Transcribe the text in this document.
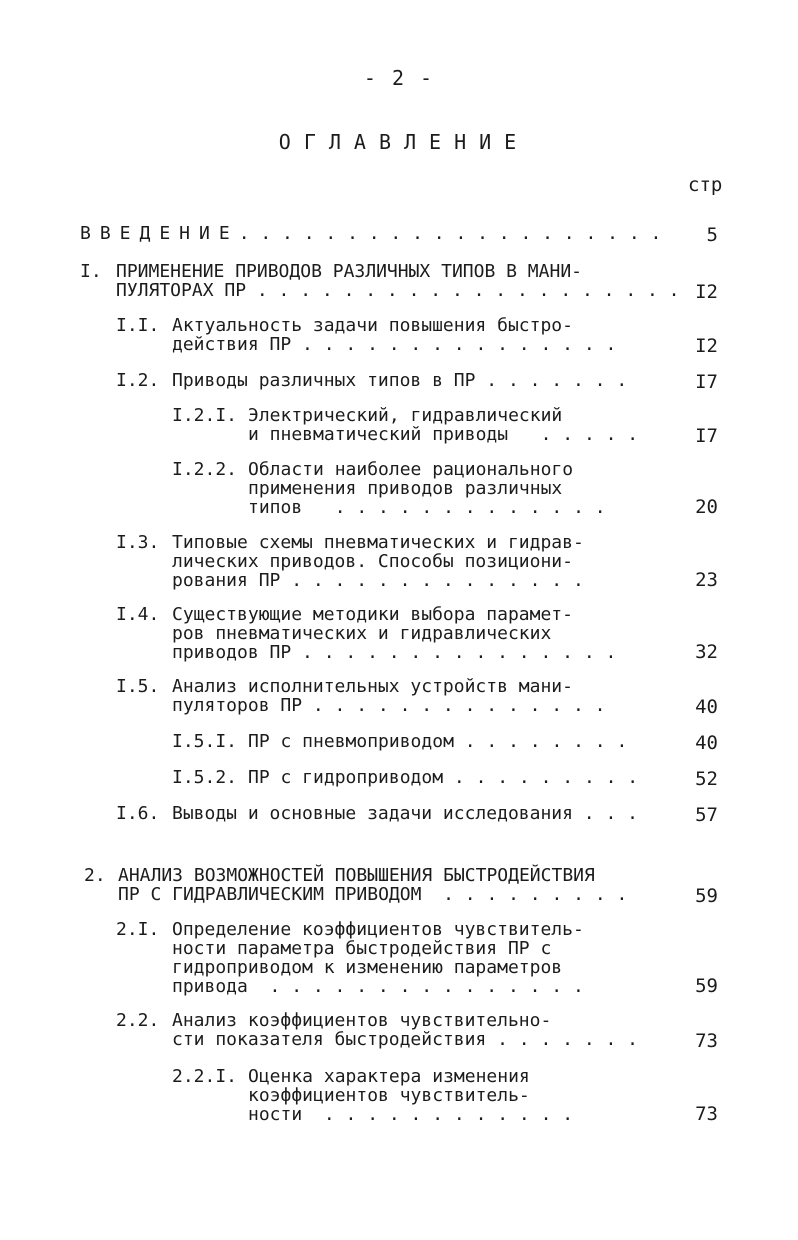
- 2 -
ОГЛАВЛЕНИЕ
стр
ВВЕДЕНИЕ. . . . . . . . . . . . . . . . . . . .	5
I. ПРИМЕНЕНИЕ ПРИВОДОВ РАЗЛИЧНЫХ ТИПОВ В МАНИ-
ПУЛЯТОРАХ ПР . . . . . . . . . . . . . . . . . . . . I2
I.I. Актуальность задачи повышения быстро-
действия ПР . . . . . . . . . . . . . . .	I2
I.2. Приводы различных типов в ПР . . . . . . .	I7
I.2.I. Электрический, гидравлический
и пневматический приводы   . . . . .	I7
I.2.2. Области наиболее рационального
применения приводов различных
типов   . . . . . . . . . . . . .	20
I.3. Типовые схемы пневматических и гидрав-
лических приводов. Способы позициони-
рования ПР . . . . . . . . . . . . . .	23
I.4. Существующие методики выбора парамет-
ров пневматических и гидравлических
приводов ПР . . . . . . . . . . . . . . .	32
I.5. Анализ исполнительных устройств мани-
пуляторов ПР . . . . . . . . . . . . . .	40
I.5.I. ПР с пневмоприводом . . . . . . . .	40
I.5.2. ПР с гидроприводом . . . . . . . . .	52
I.6. Выводы и основные задачи исследования . . .	57
2. АНАЛИЗ ВОЗМОЖНОСТЕЙ ПОВЫШЕНИЯ БЫСТРОДЕЙСТВИЯ
ПР С ГИДРАВЛИЧЕСКИМ ПРИВОДОМ  . . . . . . . . .	59
2.I. Определение коэффициентов чувствитель-
ности параметра быстродействия ПР с
гидроприводом к изменению параметров
привода  . . . . . . . . . . . . . . .	59
2.2. Анализ коэффициентов чувствительно-
сти показателя быстродействия . . . . . . .	73
2.2.I. Оценка характера изменения
коэффициентов чувствитель-
ности  . . . . . . . . . . . .	73
